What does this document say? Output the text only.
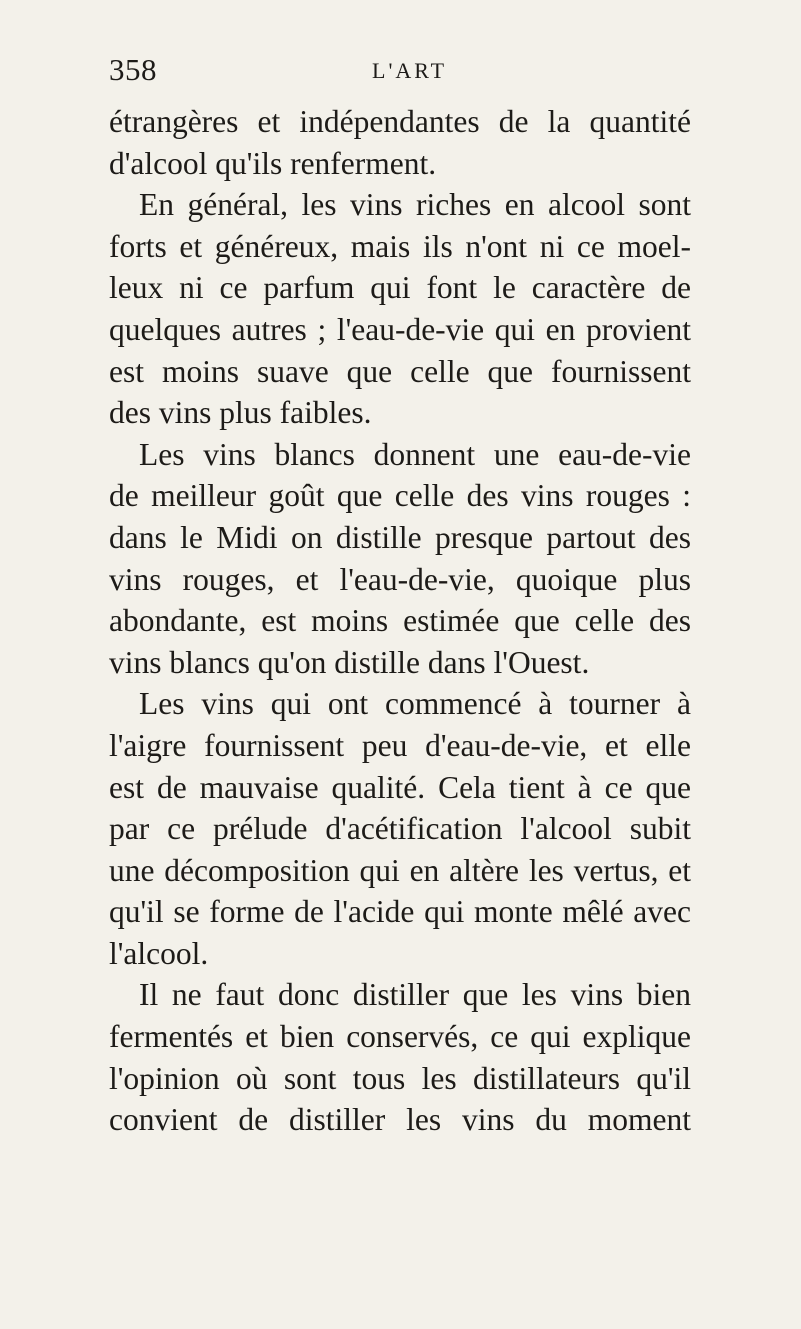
358	L'ART
étrangères et indépendantes de la quantité
d'alcool qu'ils renferment.
En général, les vins riches en alcool sont
forts et généreux, mais ils n'ont ni ce moel-
leux ni ce parfum qui font le caractère de
quelques autres ; l'eau-de-vie qui en provient
est moins suave que celle que fournissent
des vins plus faibles.
Les vins blancs donnent une eau-de-vie
de meilleur goût que celle des vins rouges :
dans le Midi on distille presque partout des
vins rouges, et l'eau-de-vie, quoique plus
abondante, est moins estimée que celle des
vins blancs qu'on distille dans l'Ouest.
Les vins qui ont commencé à tourner à
l'aigre fournissent peu d'eau-de-vie, et elle
est de mauvaise qualité. Cela tient à ce que
par ce prélude d'acétification l'alcool subit
une décomposition qui en altère les vertus, et
qu'il se forme de l'acide qui monte mêlé avec
l'alcool.
Il ne faut donc distiller que les vins bien
fermentés et bien conservés, ce qui explique
l'opinion où sont tous les distillateurs qu'il
convient de distiller les vins du moment
